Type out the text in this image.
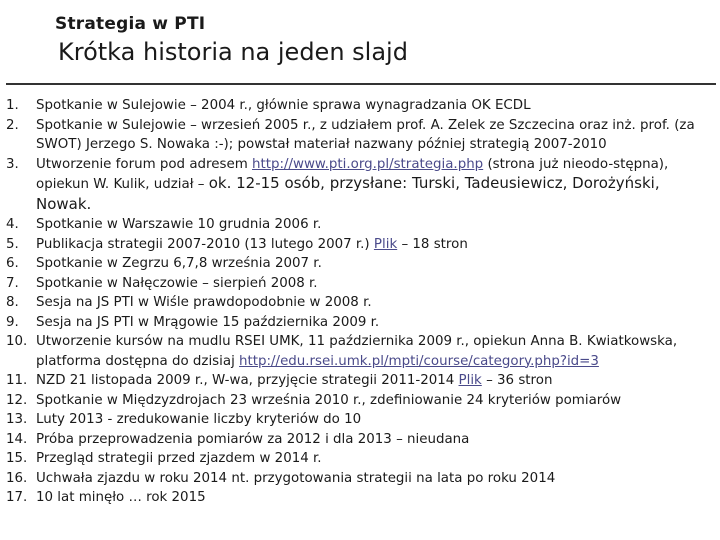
Strategia w PTI
Krótka historia na jeden slajd
1. Spotkanie w Sulejowie – 2004 r., głównie sprawa wynagradzania OK ECDL
2. Spotkanie w Sulejowie – wrzesień 2005 r., z udziałem prof. A. Zelek ze Szczecina oraz inż. prof. (za SWOT) Jerzego S. Nowaka :-); powstał materiał nazwany później strategią 2007-2010
3. Utworzenie forum pod adresem http://www.pti.org.pl/strategia.php (strona już nieodo-stępna), opiekun W. Kulik, udział – ok. 12-15 osób, przysłane: Turski, Tadeusiewicz, Dorożyński, Nowak.
4. Spotkanie w Warszawie 10 grudnia 2006 r.
5. Publikacja strategii 2007-2010 (13 lutego 2007 r.) Plik – 18 stron
6. Spotkanie w Zegrzu 6,7,8 września 2007 r.
7. Spotkanie w Nałęczowie – sierpień 2008 r.
8. Sesja na JS PTI w Wiśle prawdopodobnie w 2008 r.
9. Sesja na JS PTI w Mrągowie 15 października 2009 r.
10. Utworzenie kursów na mudlu RSEI UMK, 11 października 2009 r., opiekun Anna B. Kwiatkowska, platforma dostępna do dzisiaj http://edu.rsei.umk.pl/mpti/course/category.php?id=3
11. NZD 21 listopada 2009 r., W-wa, przyjęcie strategii 2011-2014 Plik – 36 stron
12. Spotkanie w Międzyzdrojach 23 września 2010 r., zdefiniowanie 24 kryteriów pomiarów
13. Luty 2013 - zredukowanie liczby kryteriów do 10
14. Próba przeprowadzenia pomiarów za 2012 i dla 2013 – nieudana
15. Przegląd strategii przed zjazdem w 2014 r.
16. Uchwała zjazdu w roku 2014 nt. przygotowania strategii na lata po roku 2014
17. 10 lat minęło … rok 2015
